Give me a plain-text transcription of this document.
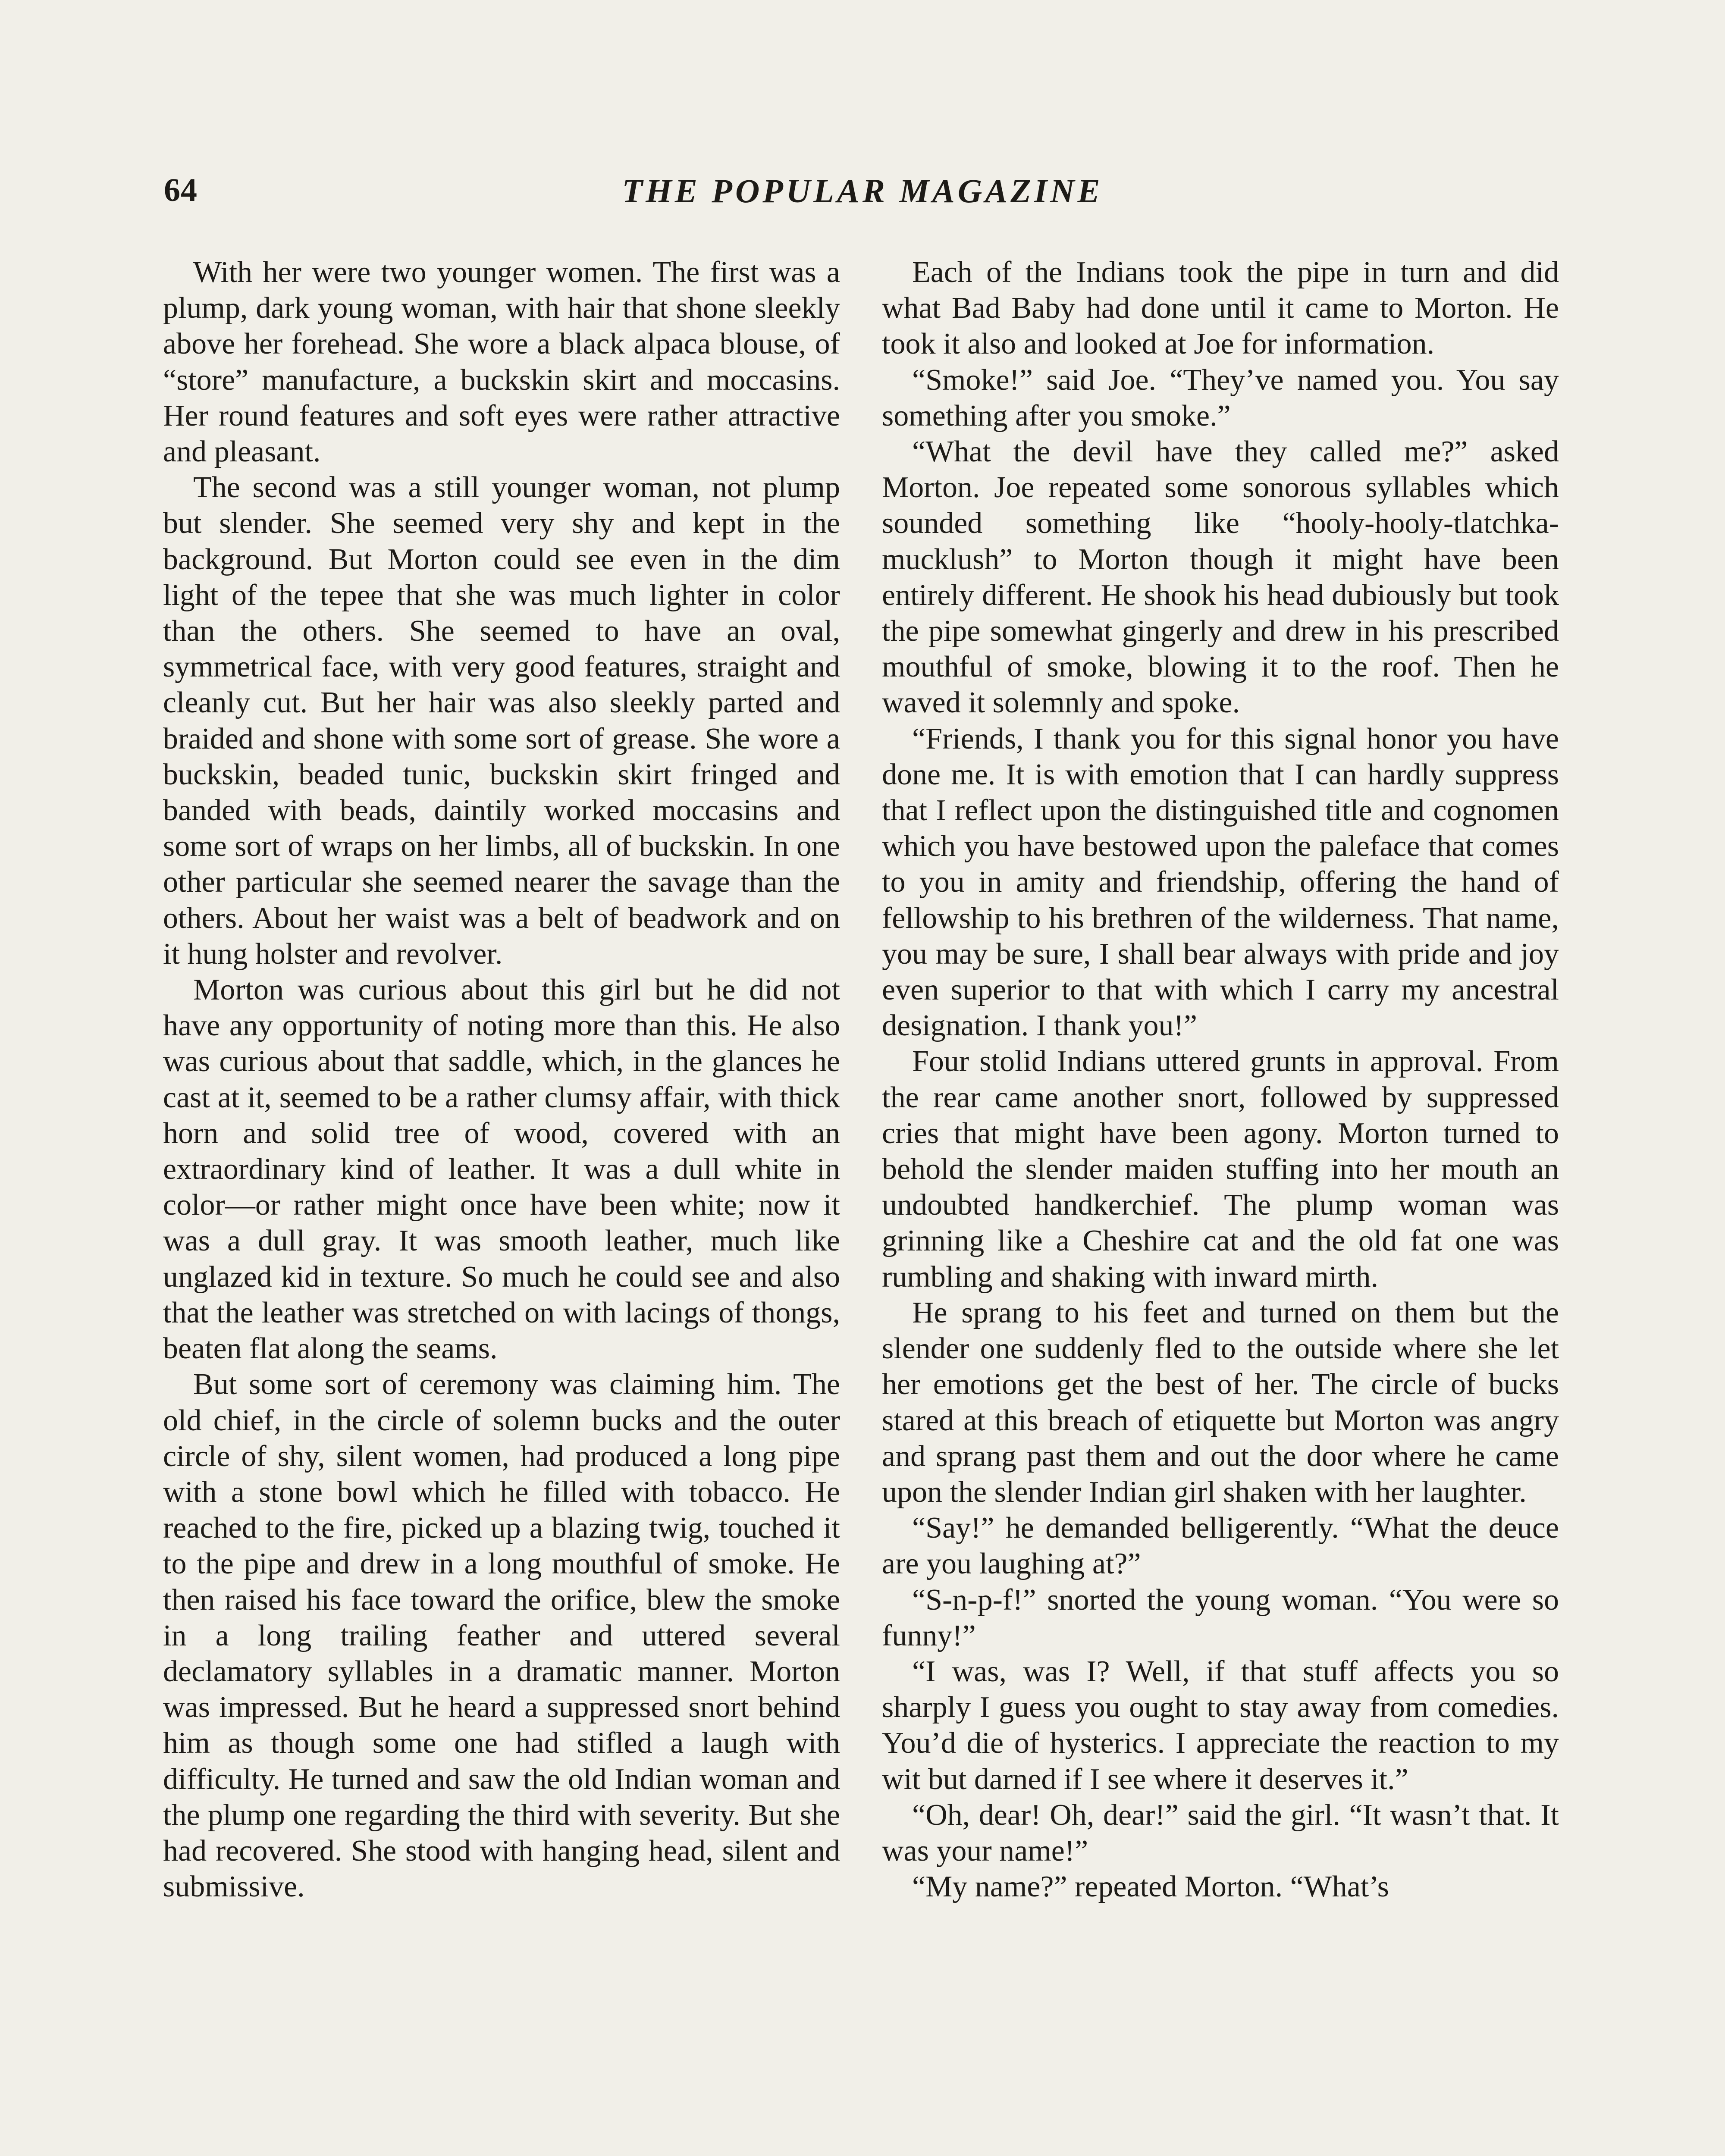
64	THE POPULAR MAGAZINE

With her were two younger women. The first was a plump, dark young woman, with hair that shone sleekly above her forehead. She wore a black alpaca blouse, of “store” manufacture, a buckskin skirt and moccasins. Her round features and soft eyes were rather attractive and pleasant.

The second was a still younger woman, not plump but slender. She seemed very shy and kept in the background. But Morton could see even in the dim light of the tepee that she was much lighter in color than the others. She seemed to have an oval, symmetrical face, with very good features, straight and cleanly cut. But her hair was also sleekly parted and braided and shone with some sort of grease. She wore a buckskin, beaded tunic, buckskin skirt fringed and banded with beads, daintily worked moccasins and some sort of wraps on her limbs, all of buckskin. In one other particular she seemed nearer the savage than the others. About her waist was a belt of beadwork and on it hung holster and revolver.

Morton was curious about this girl but he did not have any opportunity of noting more than this. He also was curious about that saddle, which, in the glances he cast at it, seemed to be a rather clumsy affair, with thick horn and solid tree of wood, covered with an extraordinary kind of leather. It was a dull white in color—or rather might once have been white; now it was a dull gray. It was smooth leather, much like unglazed kid in texture. So much he could see and also that the leather was stretched on with lacings of thongs, beaten flat along the seams.

But some sort of ceremony was claiming him. The old chief, in the circle of solemn bucks and the outer circle of shy, silent women, had produced a long pipe with a stone bowl which he filled with tobacco. He reached to the fire, picked up a blazing twig, touched it to the pipe and drew in a long mouthful of smoke. He then raised his face toward the orifice, blew the smoke in a long trailing feather and uttered several declamatory syllables in a dramatic manner. Morton was impressed. But he heard a suppressed snort behind him as though some one had stifled a laugh with difficulty. He turned and saw the old Indian woman and the plump one regarding the third with severity. But she had recovered. She stood with hanging head, silent and submissive.

Each of the Indians took the pipe in turn and did what Bad Baby had done until it came to Morton. He took it also and looked at Joe for information.

“Smoke!” said Joe. “They’ve named you. You say something after you smoke.”

“What the devil have they called me?” asked Morton. Joe repeated some sonorous syllables which sounded something like “hooly-hooly-tlatchka-mucklush” to Morton though it might have been entirely different. He shook his head dubiously but took the pipe somewhat gingerly and drew in his prescribed mouthful of smoke, blowing it to the roof. Then he waved it solemnly and spoke.

“Friends, I thank you for this signal honor you have done me. It is with emotion that I can hardly suppress that I reflect upon the distinguished title and cognomen which you have bestowed upon the paleface that comes to you in amity and friendship, offering the hand of fellowship to his brethren of the wilderness. That name, you may be sure, I shall bear always with pride and joy even superior to that with which I carry my ancestral designation. I thank you!”

Four stolid Indians uttered grunts in approval. From the rear came another snort, followed by suppressed cries that might have been agony. Morton turned to behold the slender maiden stuffing into her mouth an undoubted handkerchief. The plump woman was grinning like a Cheshire cat and the old fat one was rumbling and shaking with inward mirth.

He sprang to his feet and turned on them but the slender one suddenly fled to the outside where she let her emotions get the best of her. The circle of bucks stared at this breach of etiquette but Morton was angry and sprang past them and out the door where he came upon the slender Indian girl shaken with her laughter.

“Say!” he demanded belligerently. “What the deuce are you laughing at?”

“S-n-p-f!” snorted the young woman. “You were so funny!”

“I was, was I? Well, if that stuff affects you so sharply I guess you ought to stay away from comedies. You’d die of hysterics. I appreciate the reaction to my wit but darned if I see where it deserves it.”

“Oh, dear! Oh, dear!” said the girl. “It wasn’t that. It was your name!”

“My name?” repeated Morton. “What’s
